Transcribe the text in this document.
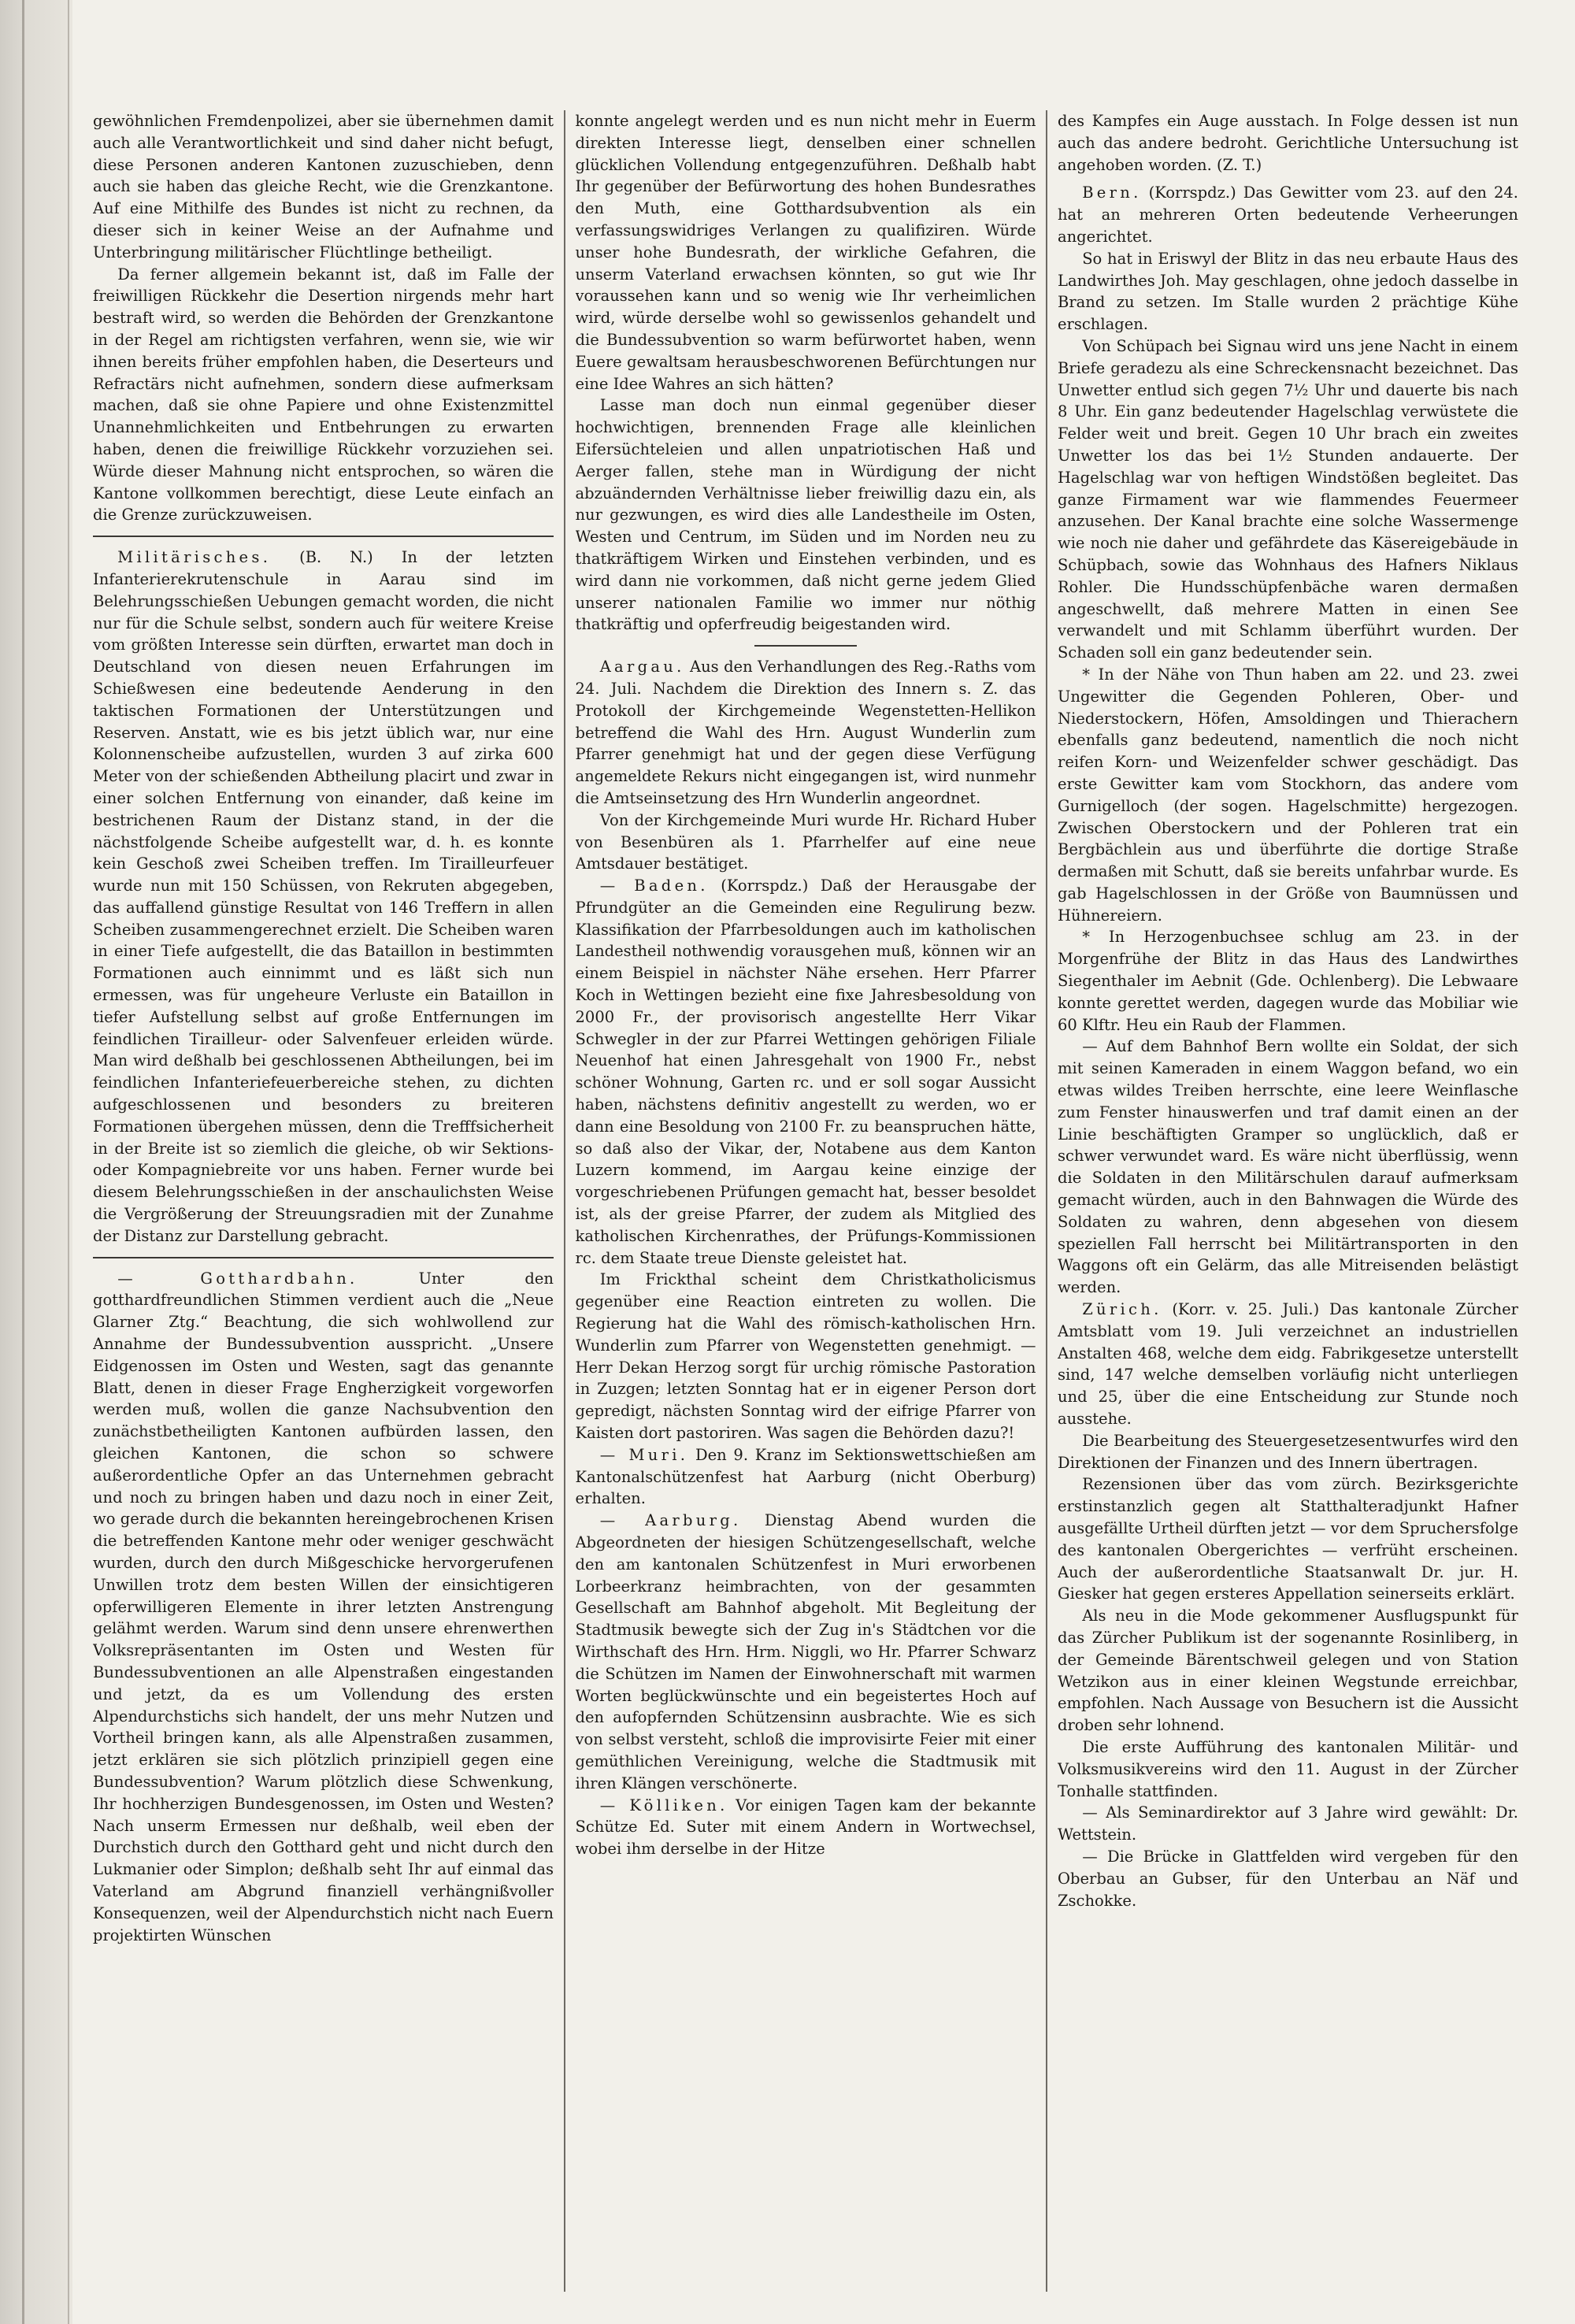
gewöhnlichen Fremdenpolizei, aber sie übernehmen damit auch alle Verantwortlichkeit und sind daher nicht befugt, diese Personen anderen Kantonen zuzuschieben, denn auch sie haben das gleiche Recht, wie die Grenzkantone. Auf eine Mithilfe des Bundes ist nicht zu rechnen, da dieser sich in keiner Weise an der Aufnahme und Unterbringung militärischer Flüchtlinge betheiligt.

Da ferner allgemein bekannt ist, daß im Falle der freiwilligen Rückkehr die Desertion nirgends mehr hart bestraft wird, so werden die Behörden der Grenzkantone in der Regel am richtigsten verfahren, wenn sie, wie wir ihnen bereits früher empfohlen haben, die Deserteurs und Refractärs nicht aufnehmen, sondern diese aufmerksam machen, daß sie ohne Papiere und ohne Existenzmittel Unannehmlichkeiten und Entbehrungen zu erwarten haben, denen die freiwillige Rückkehr vorzuziehen sei. Würde dieser Mahnung nicht entsprochen, so wären die Kantone vollkommen berechtigt, diese Leute einfach an die Grenze zurückzuweisen.

Militärisches. (B. N.) In der letzten Infanterierekrutenschule in Aarau sind im Belehrungsschießen Uebungen gemacht worden, die nicht nur für die Schule selbst, sondern auch für weitere Kreise vom größten Interesse sein dürften, erwartet man doch in Deutschland von diesen neuen Erfahrungen im Schießwesen eine bedeutende Aenderung in den taktischen Formationen der Unterstützungen und Reserven. Anstatt, wie es bis jetzt üblich war, nur eine Kolonnenscheibe aufzustellen, wurden 3 auf zirka 600 Meter von der schießenden Abtheilung placirt und zwar in einer solchen Entfernung von einander, daß keine im bestrichenen Raum der Distanz stand, in der die nächstfolgende Scheibe aufgestellt war, d. h. es konnte kein Geschoß zwei Scheiben treffen. Im Tirailleurfeuer wurde nun mit 150 Schüssen, von Rekruten abgegeben, das auffallend günstige Resultat von 146 Treffern in allen Scheiben zusammengerechnet erzielt. Die Scheiben waren in einer Tiefe aufgestellt, die das Bataillon in bestimmten Formationen auch einnimmt und es läßt sich nun ermessen, was für ungeheure Verluste ein Bataillon in tiefer Aufstellung selbst auf große Entfernungen im feindlichen Tirailleur- oder Salvenfeuer erleiden würde. Man wird deßhalb bei geschlossenen Abtheilungen, bei im feindlichen Infanteriefeuerbereiche stehen, zu dichten aufgeschlossenen und besonders zu breiteren Formationen übergehen müssen, denn die Trefffsicherheit in der Breite ist so ziemlich die gleiche, ob wir Sektions- oder Kompagniebreite vor uns haben. Ferner wurde bei diesem Belehrungsschießen in der anschaulichsten Weise die Vergrößerung der Streuungsradien mit der Zunahme der Distanz zur Darstellung gebracht.

— Gotthardbahn.	Unter den gotthardfreundlichen Stimmen verdient auch die „Neue Glarner Ztg.“ Beachtung, die sich wohlwollend zur Annahme der Bundessubvention ausspricht. „Unsere Eidgenossen im Osten und Westen, sagt das genannte Blatt, denen in dieser Frage Engherzigkeit vorgeworfen werden muß, wollen die ganze Nachsubvention den zunächstbetheiligten Kantonen aufbürden lassen, den gleichen Kantonen, die schon so schwere außerordentliche Opfer an das Unternehmen gebracht und noch zu bringen haben und dazu noch in einer Zeit, wo gerade durch die bekannten hereingebrochenen Krisen die betreffenden Kantone mehr oder weniger geschwächt wurden, durch den durch Mißgeschicke hervorgerufenen Unwillen trotz dem besten Willen der einsichtigeren opferwilligeren Elemente in ihrer letzten Anstrengung gelähmt werden. Warum sind denn unsere ehrenwerthen Volksrepräsentanten im Osten und Westen für Bundessubventionen an alle Alpenstraßen eingestanden und jetzt, da es um Vollendung des ersten Alpendurchstichs sich handelt, der uns mehr Nutzen und Vortheil bringen kann, als alle Alpenstraßen zusammen, jetzt erklären sie sich plötzlich prinzipiell gegen eine Bundessubvention? Warum plötzlich diese Schwenkung, Ihr hochherzigen Bundesgenossen, im Osten und Westen? Nach unserm Ermessen nur deßhalb, weil eben der Durchstich durch den Gotthard geht und nicht durch den Lukmanier oder Simplon; deßhalb seht Ihr auf einmal das Vaterland am Abgrund finanziell verhängnißvoller Konsequenzen, weil der Alpendurchstich nicht nach Euern projektirten Wünschen

konnte angelegt werden und es nun nicht mehr in Euerm direkten Interesse liegt, denselben einer schnellen glücklichen Vollendung entgegenzuführen. Deßhalb habt Ihr gegenüber der Befürwortung des hohen Bundesrathes den Muth, eine Gotthardsubvention als ein verfassungswidriges Verlangen zu qualifiziren. Würde unser hohe Bundesrath, der wirkliche Gefahren, die unserm Vaterland erwachsen könnten, so gut wie Ihr voraussehen kann und so wenig wie Ihr verheimlichen wird, würde derselbe wohl so gewissenlos gehandelt und die Bundessubvention so warm befürwortet haben, wenn Euere gewaltsam herausbeschworenen Befürchtungen nur eine Idee Wahres an sich hätten?

Lasse man doch nun einmal gegenüber dieser hochwichtigen, brennenden Frage alle kleinlichen Eifersüchteleien und allen unpatriotischen Haß und Aerger fallen, stehe man in Würdigung der nicht abzuändernden Verhältnisse lieber freiwillig dazu ein, als nur gezwungen, es wird dies alle Landestheile im Osten, Westen und Centrum, im Süden und im Norden neu zu thatkräftigem Wirken und Einstehen verbinden, und es wird dann nie vorkommen, daß nicht gerne jedem Glied unserer nationalen Familie wo immer nur nöthig thatkräftig und opferfreudig beigestanden wird.

Aargau. Aus den Verhandlungen des Reg.-Raths vom 24. Juli. Nachdem die Direktion des Innern s. Z. das Protokoll der Kirchgemeinde Wegenstetten-Hellikon betreffend die Wahl des Hrn. August Wunderlin zum Pfarrer genehmigt hat und der gegen diese Verfügung angemeldete Rekurs nicht eingegangen ist, wird nunmehr die Amtseinsetzung des Hrn Wunderlin angeordnet.

Von der Kirchgemeinde Muri wurde Hr. Richard Huber von Besenbüren als 1. Pfarrhelfer auf eine neue Amtsdauer bestätiget.

— Baden. (Korrspdz.) Daß der Herausgabe der Pfrundgüter an die Gemeinden eine Regulirung bezw. Klassifikation der Pfarrbesoldungen auch im katholischen Landestheil nothwendig vorausgehen muß, können wir an einem Beispiel in nächster Nähe ersehen. Herr Pfarrer Koch in Wettingen bezieht eine fixe Jahresbesoldung von 2000 Fr., der provisorisch angestellte Herr Vikar Schwegler in der zur Pfarrei Wettingen gehörigen Filiale Neuenhof hat einen Jahresgehalt von 1900 Fr., nebst schöner Wohnung, Garten rc. und er soll sogar Aussicht haben, nächstens definitiv angestellt zu werden, wo er dann eine Besoldung von 2100 Fr. zu beanspruchen hätte, so daß also der Vikar, der, Notabene aus dem Kanton Luzern kommend, im Aargau keine einzige der vorgeschriebenen Prüfungen gemacht hat, besser besoldet ist, als der greise Pfarrer, der zudem als Mitglied des katholischen Kirchenrathes, der Prüfungs-Kommissionen rc. dem Staate treue Dienste geleistet hat.

Im Frickthal scheint dem Christkatholicismus gegenüber eine Reaction eintreten zu wollen. Die Regierung hat die Wahl des römisch-katholischen Hrn. Wunderlin zum Pfarrer von Wegenstetten genehmigt. — Herr Dekan Herzog sorgt für urchig römische Pastoration in Zuzgen; letzten Sonntag hat er in eigener Person dort gepredigt, nächsten Sonntag wird der eifrige Pfarrer von Kaisten dort pastoriren. Was sagen die Behörden dazu?!

— Muri. Den 9. Kranz im Sektionswettschießen am Kantonalschützenfest hat Aarburg (nicht Oberburg) erhalten.

— Aarburg. Dienstag Abend wurden die Abgeordneten der hiesigen Schützengesellschaft, welche den am kantonalen Schützenfest in Muri erworbenen Lorbeerkranz heimbrachten, von der gesammten Gesellschaft am Bahnhof abgeholt. Mit Begleitung der Stadtmusik bewegte sich der Zug in's Städtchen vor die Wirthschaft des Hrn. Hrm. Niggli, wo Hr. Pfarrer Schwarz die Schützen im Namen der Einwohnerschaft mit warmen Worten beglückwünschte und ein begeistertes Hoch auf den aufopfernden Schützensinn ausbrachte. Wie es sich von selbst versteht, schloß die improvisirte Feier mit einer gemüthlichen Vereinigung, welche die Stadtmusik mit ihren Klängen verschönerte.

— Kölliken. Vor einigen Tagen kam der bekannte Schütze Ed. Suter mit einem Andern in Wortwechsel, wobei ihm derselbe in der Hitze

des Kampfes ein Auge ausstach. In Folge dessen ist nun auch das andere bedroht. Gerichtliche Untersuchung ist angehoben worden. (Z. T.)

Bern. (Korrspdz.) Das Gewitter vom 23. auf den 24. hat an mehreren Orten bedeutende Verheerungen angerichtet.

So hat in Eriswyl der Blitz in das neu erbaute Haus des Landwirthes Joh. May geschlagen, ohne jedoch dasselbe in Brand zu setzen. Im Stalle wurden 2 prächtige Kühe erschlagen.

Von Schüpach bei Signau wird uns jene Nacht in einem Briefe geradezu als eine Schreckensnacht bezeichnet. Das Unwetter entlud sich gegen 7½ Uhr und dauerte bis nach 8 Uhr. Ein ganz bedeutender Hagelschlag verwüstete die Felder weit und breit. Gegen 10 Uhr brach ein zweites Unwetter los das bei 1½ Stunden andauerte. Der Hagelschlag war von heftigen Windstößen begleitet. Das ganze Firmament war wie flammendes Feuermeer anzusehen. Der Kanal brachte eine solche Wassermenge wie noch nie daher und gefährdete das Käsereigebäude in Schüpbach, sowie das Wohnhaus des Hafners Niklaus Rohler. Die Hundsschüpfenbäche waren dermaßen angeschwellt, daß mehrere Matten in einen See verwandelt und mit Schlamm überführt wurden. Der Schaden soll ein ganz bedeutender sein.

* In der Nähe von Thun haben am 22. und 23. zwei Ungewitter die Gegenden Pohleren, Ober- und Niederstockern, Höfen, Amsoldingen und Thierachern ebenfalls ganz bedeutend, namentlich die noch nicht reifen Korn- und Weizenfelder schwer geschädigt. Das erste Gewitter kam vom Stockhorn, das andere vom Gurnigelloch (der sogen. Hagelschmitte) hergezogen. Zwischen Oberstockern und der Pohleren trat ein Bergbächlein aus und überführte die dortige Straße dermaßen mit Schutt, daß sie bereits unfahrbar wurde. Es gab Hagelschlossen in der Größe von Baumnüssen und Hühnereiern.

* In Herzogenbuchsee schlug am 23. in der Morgenfrühe der Blitz in das Haus des Landwirthes Siegenthaler im Aebnit (Gde. Ochlenberg). Die Lebwaare konnte gerettet werden, dagegen wurde das Mobiliar wie 60 Klftr. Heu ein Raub der Flammen.

— Auf dem Bahnhof Bern wollte ein Soldat, der sich mit seinen Kameraden in einem Waggon befand, wo ein etwas wildes Treiben herrschte, eine leere Weinflasche zum Fenster hinauswerfen und traf damit einen an der Linie beschäftigten Gramper so unglücklich, daß er schwer verwundet ward. Es wäre nicht überflüssig, wenn die Soldaten in den Militärschulen darauf aufmerksam gemacht würden, auch in den Bahnwagen die Würde des Soldaten zu wahren, denn abgesehen von diesem speziellen Fall herrscht bei Militärtransporten in den Waggons oft ein Gelärm, das alle Mitreisenden belästigt werden.

Zürich. (Korr. v. 25. Juli.) Das kantonale Zürcher Amtsblatt vom 19. Juli verzeichnet an industriellen Anstalten 468, welche dem eidg. Fabrikgesetze unterstellt sind, 147 welche demselben vorläufig nicht unterliegen und 25, über die eine Entscheidung zur Stunde noch ausstehe.

Die Bearbeitung des Steuergesetzesentwurfes wird den Direktionen der Finanzen und des Innern übertragen.

Rezensionen über das vom zürch. Bezirksgerichte erstinstanzlich gegen alt Statthalteradjunkt Hafner ausgefällte Urtheil dürften jetzt — vor dem Spruchersfolge des kantonalen Obergerichtes — verfrüht erscheinen. Auch der außerordentliche Staatsanwalt Dr. jur. H. Giesker hat gegen ersteres Appellation seinerseits erklärt.

Als neu in die Mode gekommener Ausflugspunkt für das Zürcher Publikum ist der sogenannte Rosinliberg, in der Gemeinde Bärentschweil gelegen und von Station Wetzikon aus in einer kleinen Wegstunde erreichbar, empfohlen. Nach Aussage von Besuchern ist die Aussicht droben sehr lohnend.

Die erste Aufführung des kantonalen Militär- und Volksmusikvereins wird den 11. August in der Zürcher Tonhalle stattfinden.

— Als Seminardirektor auf 3 Jahre wird gewählt: Dr. Wettstein.

— Die Brücke in Glattfelden wird vergeben für den Oberbau an Gubser, für den Unterbau an Näf und Zschokke.
